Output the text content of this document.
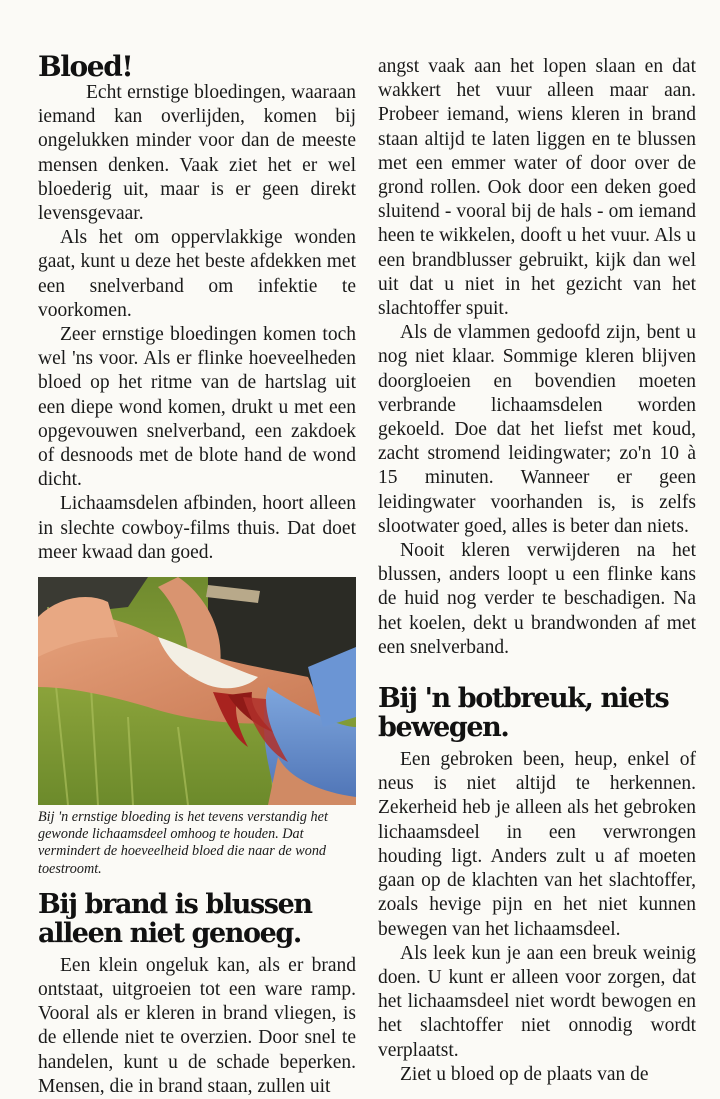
Bloed!

Echt ernstige bloedingen, waaraan iemand kan overlijden, komen bij ongelukken minder voor dan de meeste mensen denken. Vaak ziet het er wel bloederig uit, maar is er geen direkt levensgevaar.

Als het om oppervlakkige wonden gaat, kunt u deze het beste afdekken met een snelverband om infektie te voorkomen.

Zeer ernstige bloedingen komen toch wel 'ns voor. Als er flinke hoeveelheden bloed op het ritme van de hartslag uit een diepe wond komen, drukt u met een opgevouwen snelverband, een zakdoek of desnoods met de blote hand de wond dicht.

Lichaamsdelen afbinden, hoort alleen in slechte cowboy-films thuis. Dat doet meer kwaad dan goed.

Bij 'n ernstige bloeding is het tevens verstandig het gewonde lichaamsdeel omhoog te houden. Dat vermindert de hoeveelheid bloed die naar de wond toestroomt.

Bij brand is blussen
alleen niet genoeg.

Een klein ongeluk kan, als er brand ontstaat, uitgroeien tot een ware ramp. Vooral als er kleren in brand vliegen, is de ellende niet te overzien. Door snel te handelen, kunt u de schade beperken. Mensen, die in brand staan, zullen uit

angst vaak aan het lopen slaan en dat wakkert het vuur alleen maar aan. Probeer iemand, wiens kleren in brand staan altijd te laten liggen en te blussen met een emmer water of door over de grond rollen. Ook door een deken goed sluitend - vooral bij de hals - om iemand heen te wikkelen, dooft u het vuur. Als u een brandblusser gebruikt, kijk dan wel uit dat u niet in het gezicht van het slachtoffer spuit.

Als de vlammen gedoofd zijn, bent u nog niet klaar. Sommige kleren blijven doorgloeien en bovendien moeten verbrande lichaamsdelen worden gekoeld. Doe dat het liefst met koud, zacht stromend leidingwater; zo'n 10 à 15 minuten. Wanneer er geen leidingwater voorhanden is, is zelfs slootwater goed, alles is beter dan niets.

Nooit kleren verwijderen na het blussen, anders loopt u een flinke kans de huid nog verder te beschadigen. Na het koelen, dekt u brandwonden af met een snelverband.

Bij 'n botbreuk, niets
bewegen.

Een gebroken been, heup, enkel of neus is niet altijd te herkennen. Zekerheid heb je alleen als het gebroken lichaamsdeel in een verwrongen houding ligt. Anders zult u af moeten gaan op de klachten van het slachtoffer, zoals hevige pijn en het niet kunnen bewegen van het lichaamsdeel.

Als leek kun je aan een breuk weinig doen. U kunt er alleen voor zorgen, dat het lichaamsdeel niet wordt bewogen en het slachtoffer niet onnodig wordt verplaatst.

Ziet u bloed op de plaats van de
